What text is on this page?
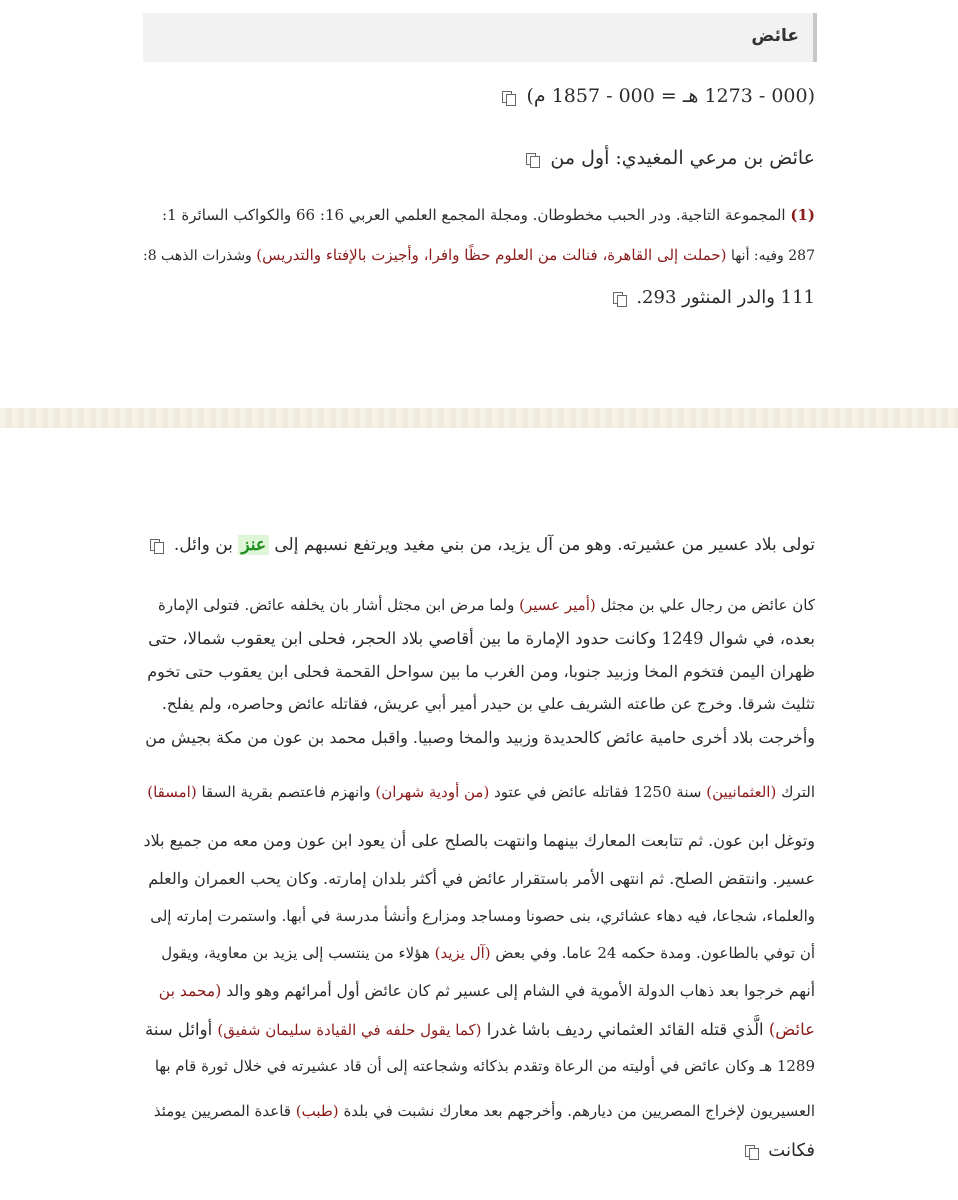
عائض
(000 - 1273 هـ = 000 - 1857 م)
عائض بن مرعي المغيدي: أول من
(1) المجموعة التاجية. ودر الحبب مخطوطان. ومجلة المجمع العلمي العربي 16: 66 والكواكب السائرة 1:
287 وفيه: أنها (حملت إلى القاهرة، فنالت من العلوم حظًا وافرا، وأجيزت بالإفتاء والتدريس) وشذرات الذهب 8:
111 والدر المنثور 293.
تولى بلاد عسير من عشيرته. وهو من آل يزيد، من بني مغيد ويرتفع نسبهم إلى عنز بن وائل.
كان عائض من رجال علي بن مجثل (أمير عسير) ولما مرض ابن مجثل أشار بان يخلفه عائض. فتولى الإمارة
بعده، في شوال 1249 وكانت حدود الإمارة ما بين أقاصي بلاد الحجر، فحلى ابن يعقوب شمالا، حتى
ظهران اليمن فتخوم المخا وزبيد جنوبا، ومن الغرب ما بين سواحل القحمة فحلى ابن يعقوب حتى تخوم
تثليث شرقا. وخرج عن طاعته الشريف علي بن حيدر أمير أبي عريش، فقاتله عائض وحاصره، ولم يفلح.
وأخرجت بلاد أخرى حامية عائض كالحديدة وزبيد والمخا وصبيا. واقبل محمد بن عون من مكة بجيش من
الترك (العثمانيين) سنة 1250 فقاتله عائض في عتود (من أودية شهران) وانهزم فاعتصم بقرية السقا (امسقا)
وتوغل ابن عون. ثم تتابعت المعارك بينهما وانتهت بالصلح على أن يعود ابن عون ومن معه من جميع بلاد
عسير. وانتقض الصلح. ثم انتهى الأمر باستقرار عائض في أكثر بلدان إمارته. وكان يحب العمران والعلم
والعلماء، شجاعا، فيه دهاء عشائري، بنى حصونا ومساجد ومزارع وأنشأ مدرسة في أبها. واستمرت إمارته إلى
أن توفي بالطاعون. ومدة حكمه 24 عاما. وفي بعض (آل يزيد) هؤلاء من ينتسب إلى يزيد بن معاوية، ويقول
أنهم خرجوا بعد ذهاب الدولة الأموية في الشام إلى عسير ثم كان عائض أول أمرائهم وهو والد (محمد بن
عائض) الَّذي قتله القائد العثماني رديف باشا غدرا (كما يقول حلفه في القيادة سليمان شفيق) أوائل سنة
1289 هـ وكان عائض في أوليته من الرعاة وتقدم بذكائه وشجاعته إلى أن قاد عشيرته في خلال ثورة قام بها
العسيريون لإخراج المصريين من ديارهم. وأخرجهم بعد معارك نشبت في بلدة (طبب) قاعدة المصريين يومئذ
فكانت
